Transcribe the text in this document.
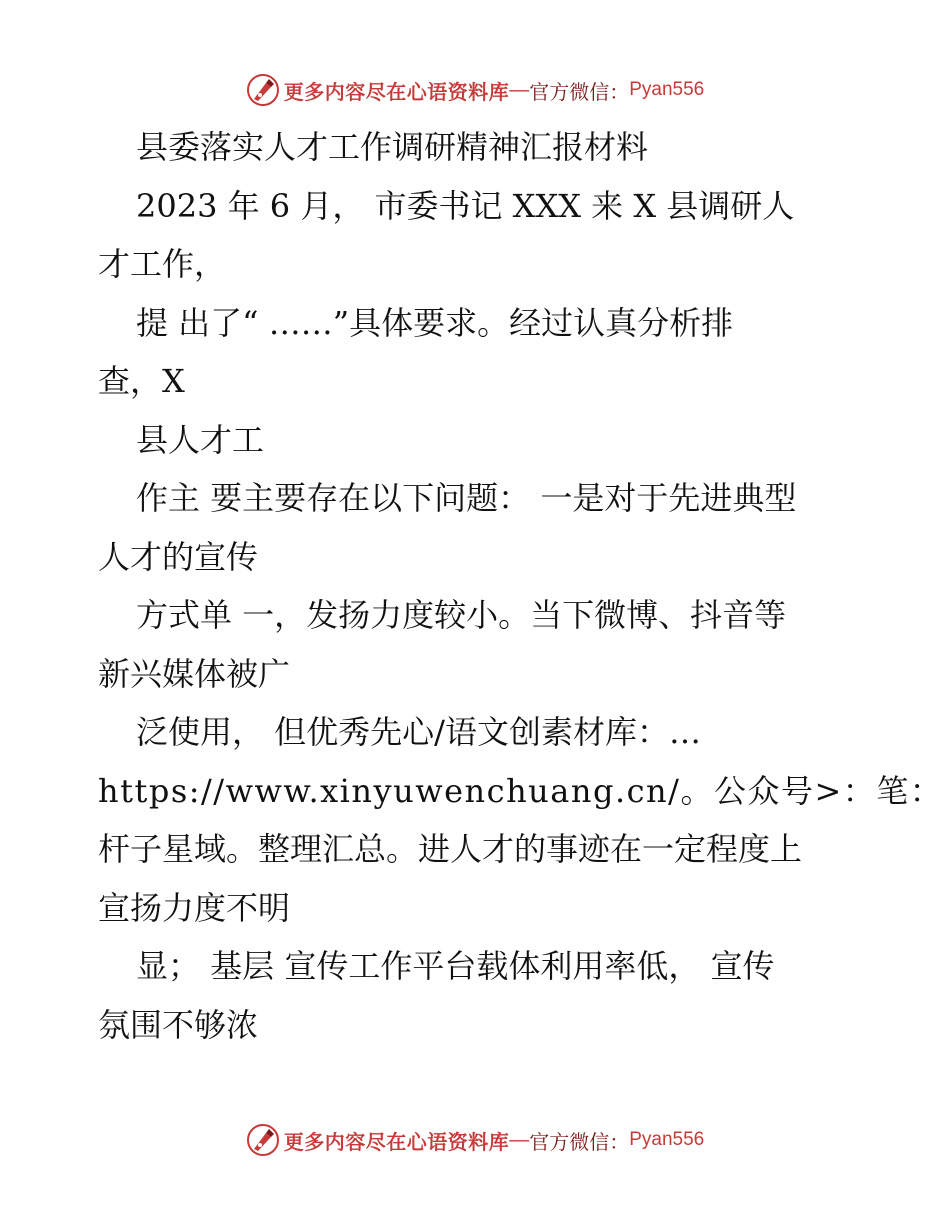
更多内容尽在心语资料库 — 官方微信： Pyan556
县委落实人才工作调研精神汇报材料
2023 年 6 月， 市委书记 XXX 来 X 县调研人
才工作，
提 出了“ ……”具体要求。经过认真分析排
查，X
县人才工
作主 要主要存在以下问题： 一是对于先进典型
人才的宣传
方式单 一，发扬力度较小。当下微博、抖音等
新兴媒体被广
泛使用， 但优秀先心/语文创素材库：…
https://www.xinyuwenchuang.cn/。公众号>：笔：
杆子星域。整理汇总。进人才的事迹在一定程度上
宣扬力度不明
显； 基层 宣传工作平台载体利用率低， 宣传
氛围不够浓
更多内容尽在心语资料库 — 官方微信： Pyan556
